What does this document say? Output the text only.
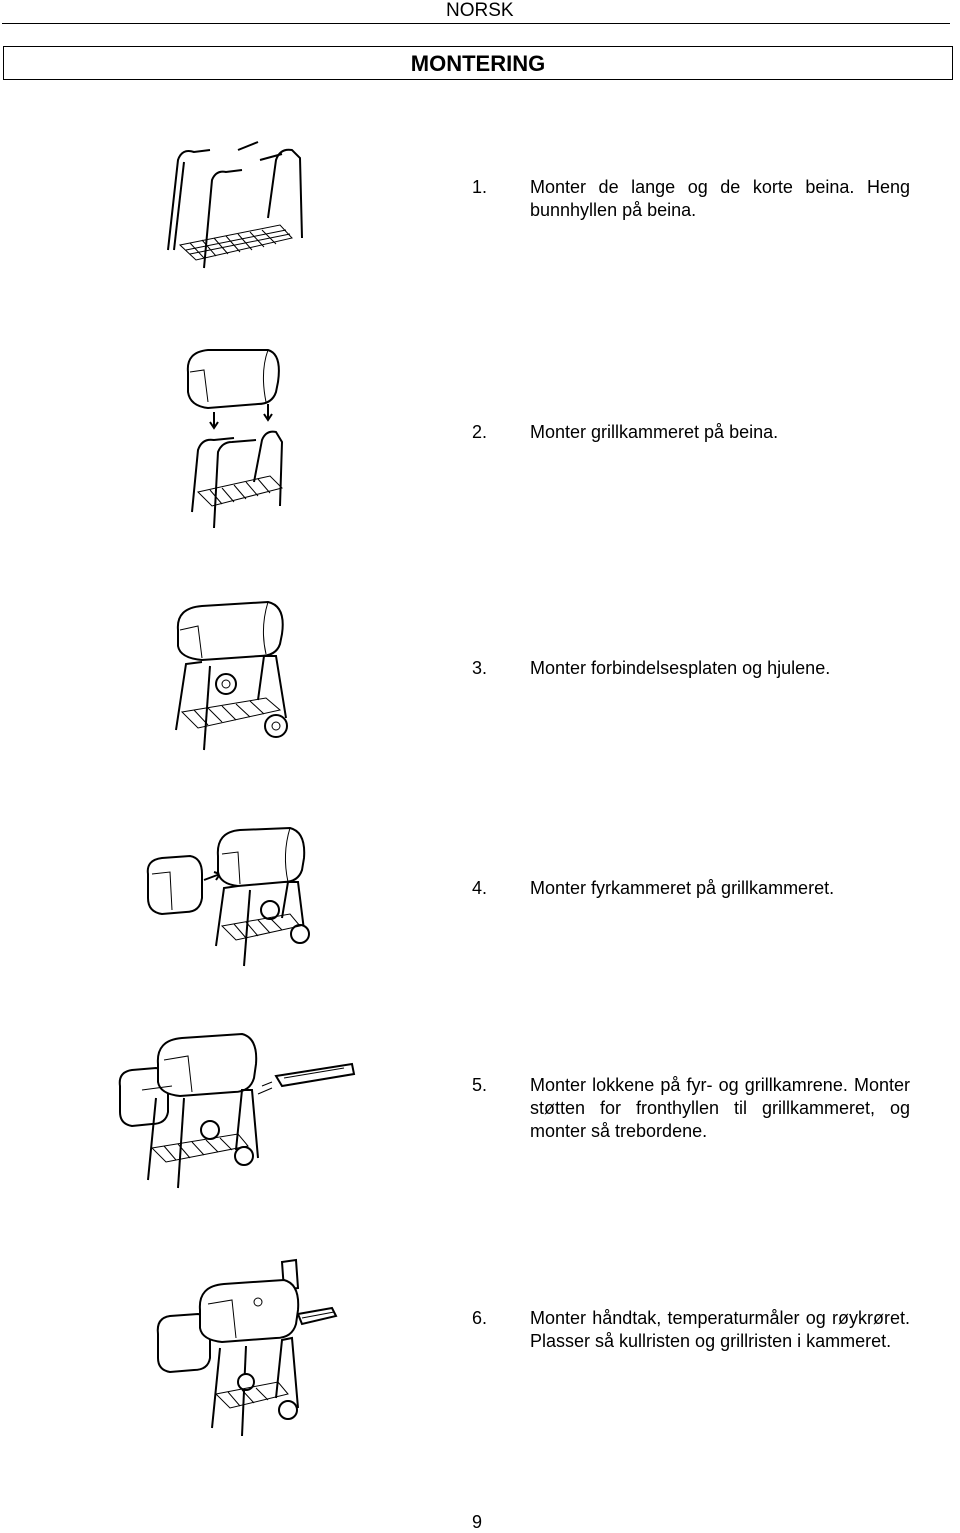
NORSK
MONTERING
1. Monter de lange og de korte beina. Heng bunnhyllen på beina.
2. Monter grillkammeret på beina.
3. Monter forbindelsesplaten og hjulene.
4. Monter fyrkammeret på grillkammeret.
5. Monter lokkene på fyr- og grillkamrene. Monter støtten for fronthyllen til grillkammeret, og monter så trebordene.
6. Monter håndtak, temperaturmåler og røykrøret. Plasser så kullristen og grillristen i kammeret.
9
